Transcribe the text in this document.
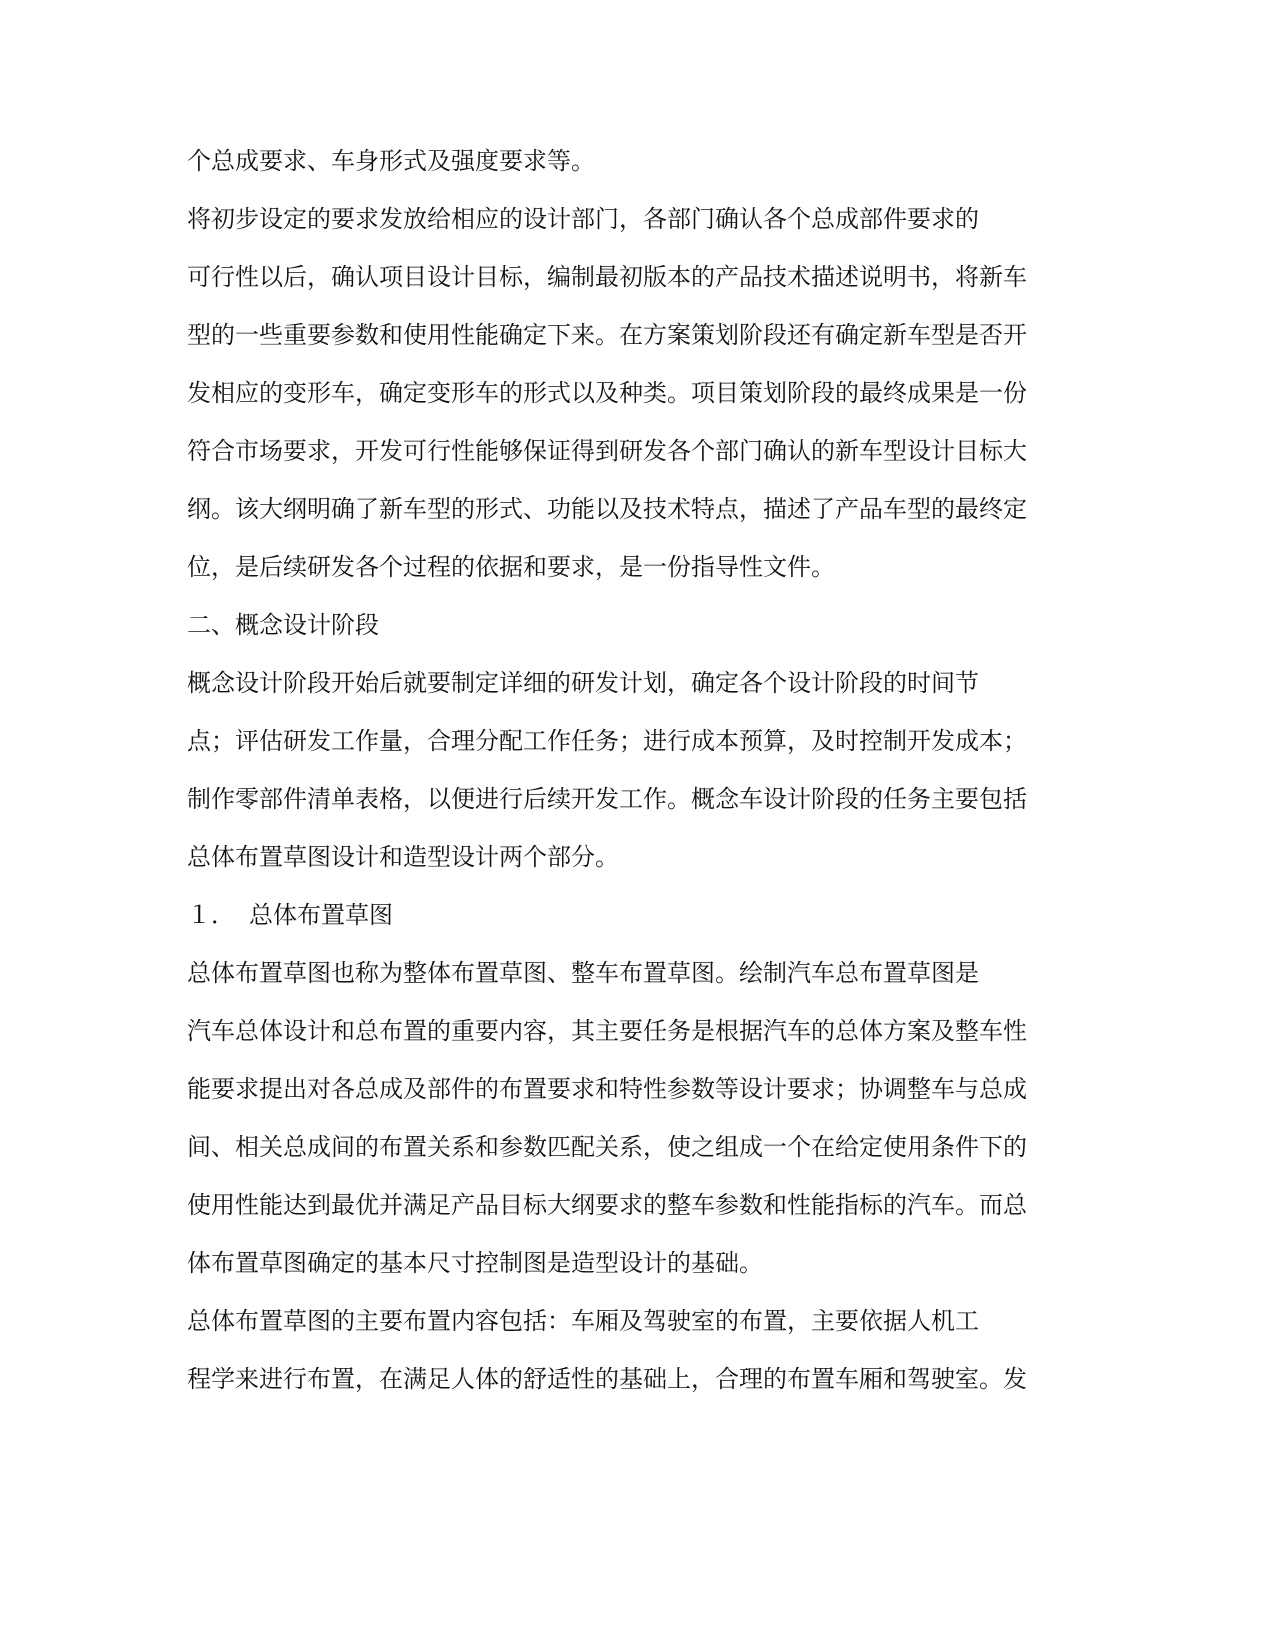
个总成要求、车身形式及强度要求等。
将初步设定的要求发放给相应的设计部门，各部门确认各个总成部件要求的
可行性以后，确认项目设计目标，编制最初版本的产品技术描述说明书，将新车
型的一些重要参数和使用性能确定下来。在方案策划阶段还有确定新车型是否开
发相应的变形车，确定变形车的形式以及种类。项目策划阶段的最终成果是一份
符合市场要求，开发可行性能够保证得到研发各个部门确认的新车型设计目标大
纲。该大纲明确了新车型的形式、功能以及技术特点，描述了产品车型的最终定
位，是后续研发各个过程的依据和要求，是一份指导性文件。
二、概念设计阶段
概念设计阶段开始后就要制定详细的研发计划，确定各个设计阶段的时间节
点；评估研发工作量，合理分配工作任务；进行成本预算，及时控制开发成本；
制作零部件清单表格，以便进行后续开发工作。概念车设计阶段的任务主要包括
总体布置草图设计和造型设计两个部分。
１． 总体布置草图
总体布置草图也称为整体布置草图、整车布置草图。绘制汽车总布置草图是
汽车总体设计和总布置的重要内容，其主要任务是根据汽车的总体方案及整车性
能要求提出对各总成及部件的布置要求和特性参数等设计要求；协调整车与总成
间、相关总成间的布置关系和参数匹配关系，使之组成一个在给定使用条件下的
使用性能达到最优并满足产品目标大纲要求的整车参数和性能指标的汽车。而总
体布置草图确定的基本尺寸控制图是造型设计的基础。
总体布置草图的主要布置内容包括：车厢及驾驶室的布置，主要依据人机工
程学来进行布置，在满足人体的舒适性的基础上，合理的布置车厢和驾驶室。发
